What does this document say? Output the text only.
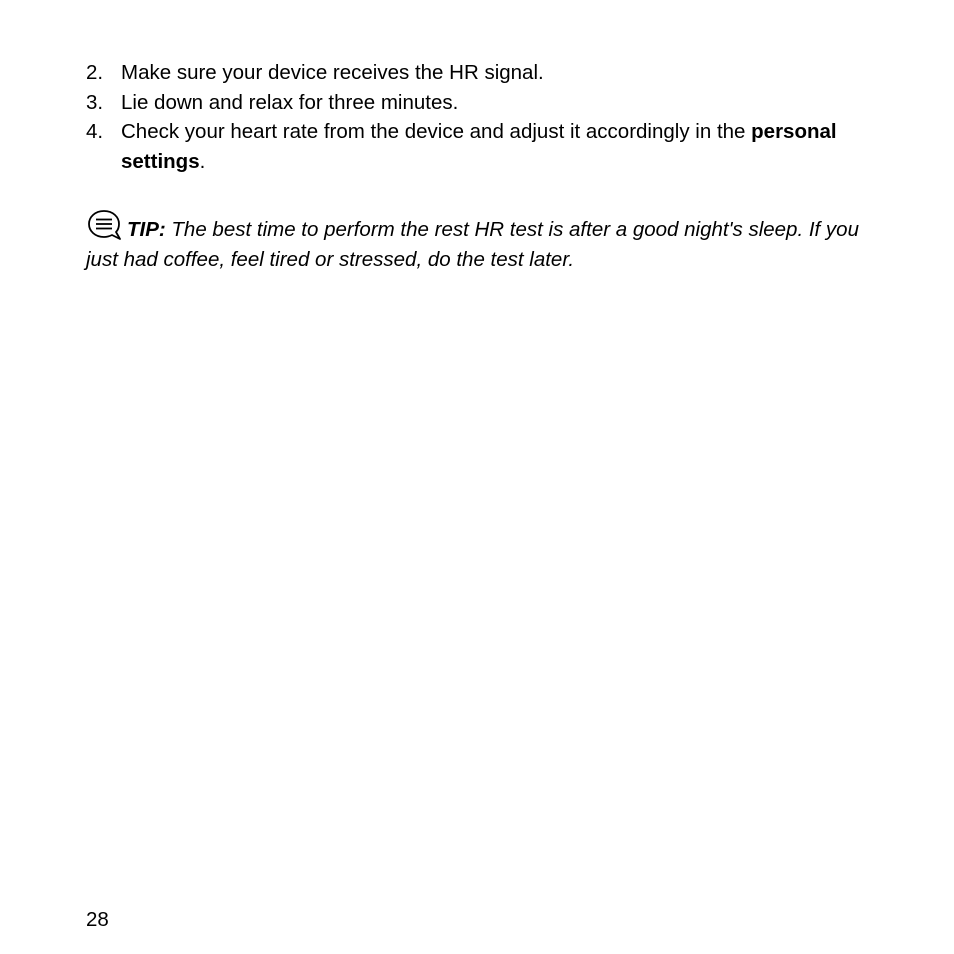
2. Make sure your device receives the HR signal.
3. Lie down and relax for three minutes.
4. Check your heart rate from the device and adjust it accordingly in the personal settings.
TIP: The best time to perform the rest HR test is after a good night's sleep. If you just had coffee, feel tired or stressed, do the test later.
28
